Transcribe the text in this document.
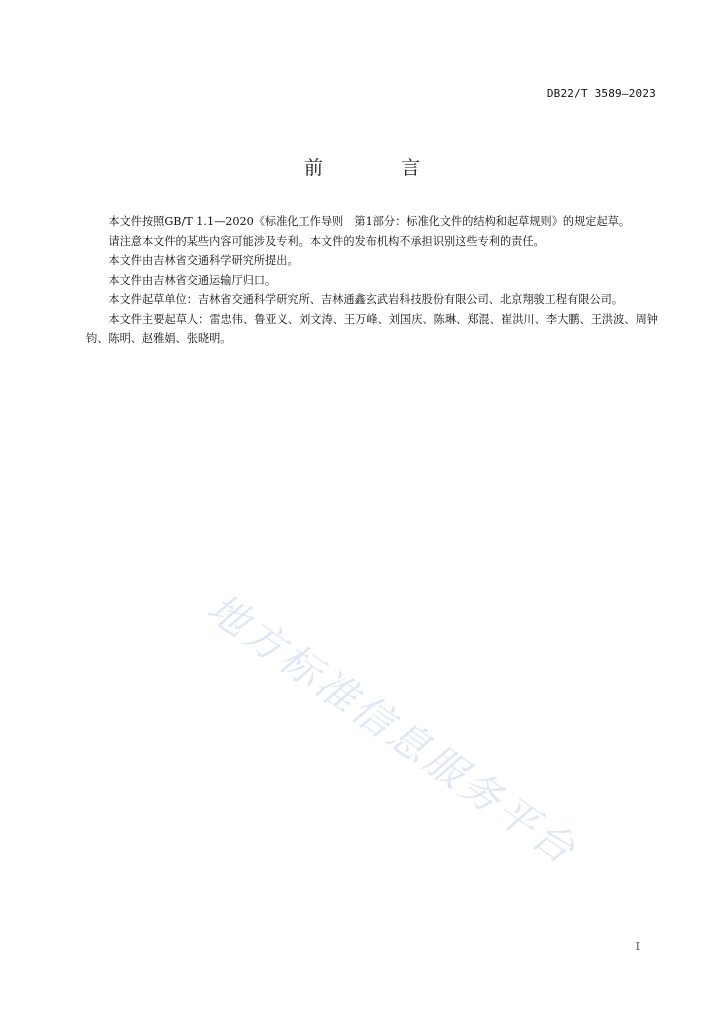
DB22/T 3589—2023
前 言

本文件按照GB/T 1.1—2020《标准化工作导则　第1部分：标准化文件的结构和起草规则》的规定起草。

请注意本文件的某些内容可能涉及专利。本文件的发布机构不承担识别这些专利的责任。

本文件由吉林省交通科学研究所提出。

本文件由吉林省交通运输厅归口。

本文件起草单位：吉林省交通科学研究所、吉林通鑫玄武岩科技股份有限公司、北京翔骏工程有限公司。

本文件主要起草人：雷忠伟、鲁亚义、刘文涛、王万峰、刘国庆、陈琳、郑混、崔洪川、李大鹏、王洪波、周钟钧、陈明、赵雅娟、张晓明。

地方标准信息服务平台
I
